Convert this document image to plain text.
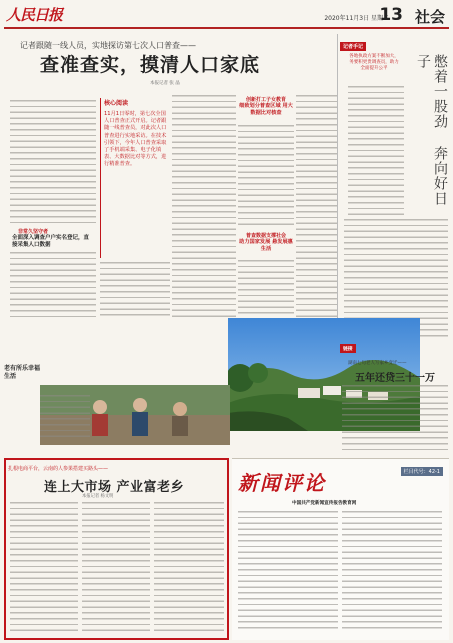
人民日报	2020年11月3日 星期二
13 社会
记者跟随一线人员，实地探访第七次人口普查——
查准查实，摸清人口家底
本报记者 张 晶
非常久坚守者
全面深入调查户户实名登记，直接采集人口数据
核心阅读
11月1日零时，第七次全国人口普查正式开启。记者跟随一线普查员，对此次人口普查进行实地采访。在技术引领下，今年人口普查采取了手机端采集、电子化填表、大数据比对等方式，进行精准普查。
创新打工子女教育
细致划分普查区域 用大数据比对核查
普查数据支撑社会
助力国家发展 悬发展惠生活
记者手记
各地执政方案不断加大，务要积更贵调查员，助力全面提升公平	憋着一股劲 奔向好日子
老有所乐幸福生活
链接
湖南七旬老人写家乡变迁——
五年还贷三十一万
扎根电商平台，云南的人参果搭建买路头——
连上大市场 产业富老乡
本报记者 杨文明
新闻评论	栏目代号：42-1
中国共产党新闻宣传报告教育网
